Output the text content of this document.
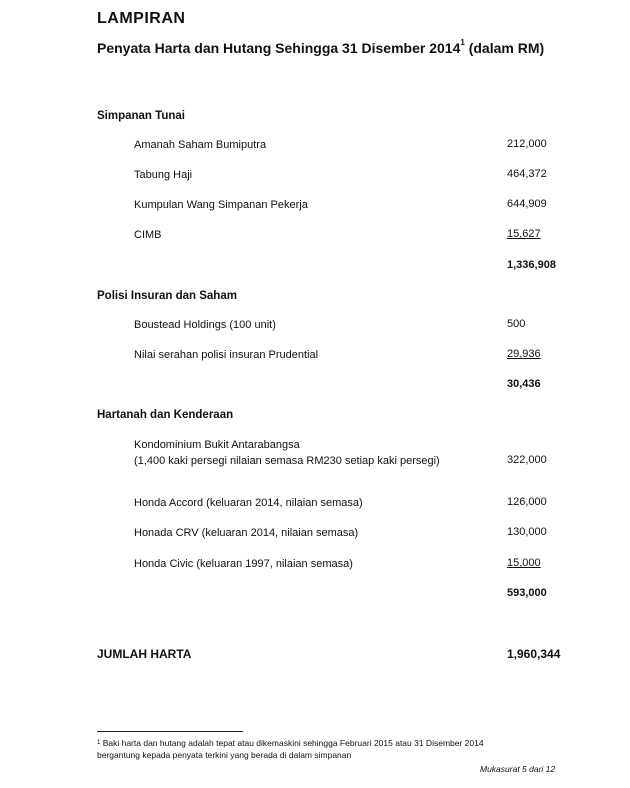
LAMPIRAN
Penyata Harta dan Hutang Sehingga 31 Disember 2014$^1$ (dalam RM)
Simpanan Tunai
Amanah Saham Bumiputra	212,000
Tabung Haji	464,372
Kumpulan Wang Simpanan Pekerja	644,909
CIMB	15,627
1,336,908
Polisi Insuran dan Saham
Boustead Holdings (100 unit)	500
Nilai serahan polisi insuran Prudential	29,936
30,436
Hartanah dan Kenderaan
Kondominium Bukit Antarabangsa
(1,400 kaki persegi nilaian semasa RM230 setiap kaki persegi)	322,000
Honda Accord (keluaran 2014, nilaian semasa)	126,000
Honada CRV (keluaran 2014, nilaian semasa)	130,000
Honda Civic (keluaran 1997, nilaian semasa)	15,000
593,000
JUMLAH HARTA	1,960,344
$^1$ Baki harta dan hutang adalah tepat atau dikemaskini sehingga Februari 2015 atau 31 Disember 2014
bergantung kepada penyata terkini yang berada di dalam simpanan
Mukasurat 5 dari 12
